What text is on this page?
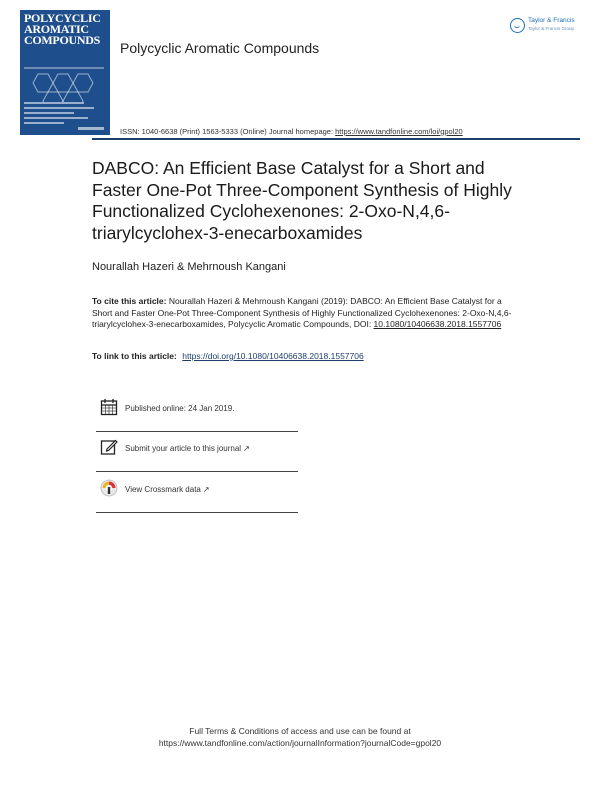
POLYCYCLIC
AROMATIC
COMPOUNDS Polycyclic Aromatic Compounds
Taylor & Francis
Taylor & Francis Group
ISSN: 1040-6638 (Print) 1563-5333 (Online) Journal homepage: https://www.tandfonline.com/loi/gpol20
DABCO: An Efficient Base Catalyst for a Short and Faster One-Pot Three-Component Synthesis of Highly Functionalized Cyclohexenones: 2-Oxo-N,4,6-triarylcyclohex-3-enecarboxamides
Nourallah Hazeri & Mehrnoush Kangani
To cite this article: Nourallah Hazeri & Mehrnoush Kangani (2019): DABCO: An Efficient Base Catalyst for a Short and Faster One-Pot Three-Component Synthesis of Highly Functionalized Cyclohexenones: 2-Oxo-N,4,6-triarylcyclohex-3-enecarboxamides, Polycyclic Aromatic Compounds, DOI: 10.1080/10406638.2018.1557706
To link to this article: https://doi.org/10.1080/10406638.2018.1557706
Published online: 24 Jan 2019.
Submit your article to this journal ↗
View Crossmark data ↗
Full Terms & Conditions of access and use can be found at
https://www.tandfonline.com/action/journalInformation?journalCode=gpol20
